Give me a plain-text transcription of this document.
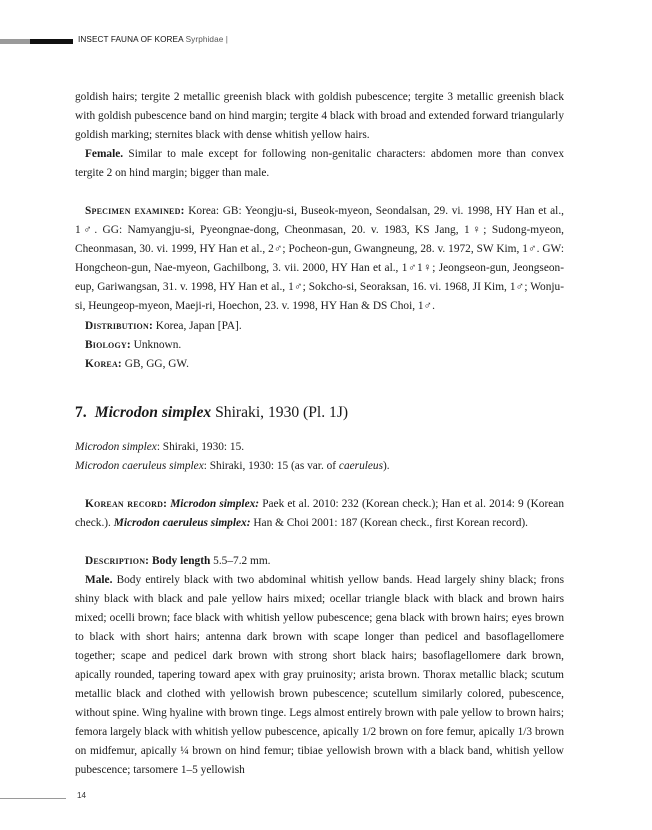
INSECT FAUNA OF KOREA Syrphidae |

goldish hairs; tergite 2 metallic greenish black with goldish pubescence; tergite 3 metallic greenish black with goldish pubescence band on hind margin; tergite 4 black with broad and extended forward triangularly goldish marking; sternites black with dense whitish yellow hairs.

Female. Similar to male except for following non-genitalic characters: abdomen more than convex tergite 2 on hind margin; bigger than male.

Specimen examined: Korea: GB: Yeongju-si, Buseok-myeon, Seondalsan, 29. vi. 1998, HY Han et al., 1♂. GG: Namyangju-si, Pyeongnae-dong, Cheonmasan, 20. v. 1983, KS Jang, 1♀; Sudong-myeon, Cheonmasan, 30. vi. 1999, HY Han et al., 2♂; Pocheon-gun, Gwangneung, 28. v. 1972, SW Kim, 1♂. GW: Hongcheon-gun, Nae-myeon, Gachilbong, 3. vii. 2000, HY Han et al., 1♂1♀; Jeongseon-gun, Jeongseon-eup, Gariwangsan, 31. v. 1998, HY Han et al., 1♂; Sokcho-si, Seoraksan, 16. vi. 1968, JI Kim, 1♂; Wonju-si, Heungeop-myeon, Maeji-ri, Hoechon, 23. v. 1998, HY Han & DS Choi, 1♂.

Distribution: Korea, Japan [PA].

Biology: Unknown.

Korea: GB, GG, GW.

7. Microdon simplex Shiraki, 1930 (Pl. 1J)

Microdon simplex: Shiraki, 1930: 15.

Microdon caeruleus simplex: Shiraki, 1930: 15 (as var. of caeruleus).

Korean record: Microdon simplex: Paek et al. 2010: 232 (Korean check.); Han et al. 2014: 9 (Korean check.). Microdon caeruleus simplex: Han & Choi 2001: 187 (Korean check., first Korean record).

Description: Body length 5.5–7.2 mm.

Male. Body entirely black with two abdominal whitish yellow bands. Head largely shiny black; frons shiny black with black and pale yellow hairs mixed; ocellar triangle black with black and brown hairs mixed; ocelli brown; face black with whitish yellow pubescence; gena black with brown hairs; eyes brown to black with short hairs; antenna dark brown with scape longer than pedicel and basoflagellomere together; scape and pedicel dark brown with strong short black hairs; basoflagellomere dark brown, apically rounded, tapering toward apex with gray pruinosity; arista brown. Thorax metallic black; scutum metallic black and clothed with yellowish brown pubescence; scutellum similarly colored, pubescence, without spine. Wing hyaline with brown tinge. Legs almost entirely brown with pale yellow to brown hairs; femora largely black with whitish yellow pubescence, apically 1/2 brown on fore femur, apically 1/3 brown on midfemur, apically ¼ brown on hind femur; tibiae yellowish brown with a black band, whitish yellow pubescence; tarsomere 1–5 yellowish

14
